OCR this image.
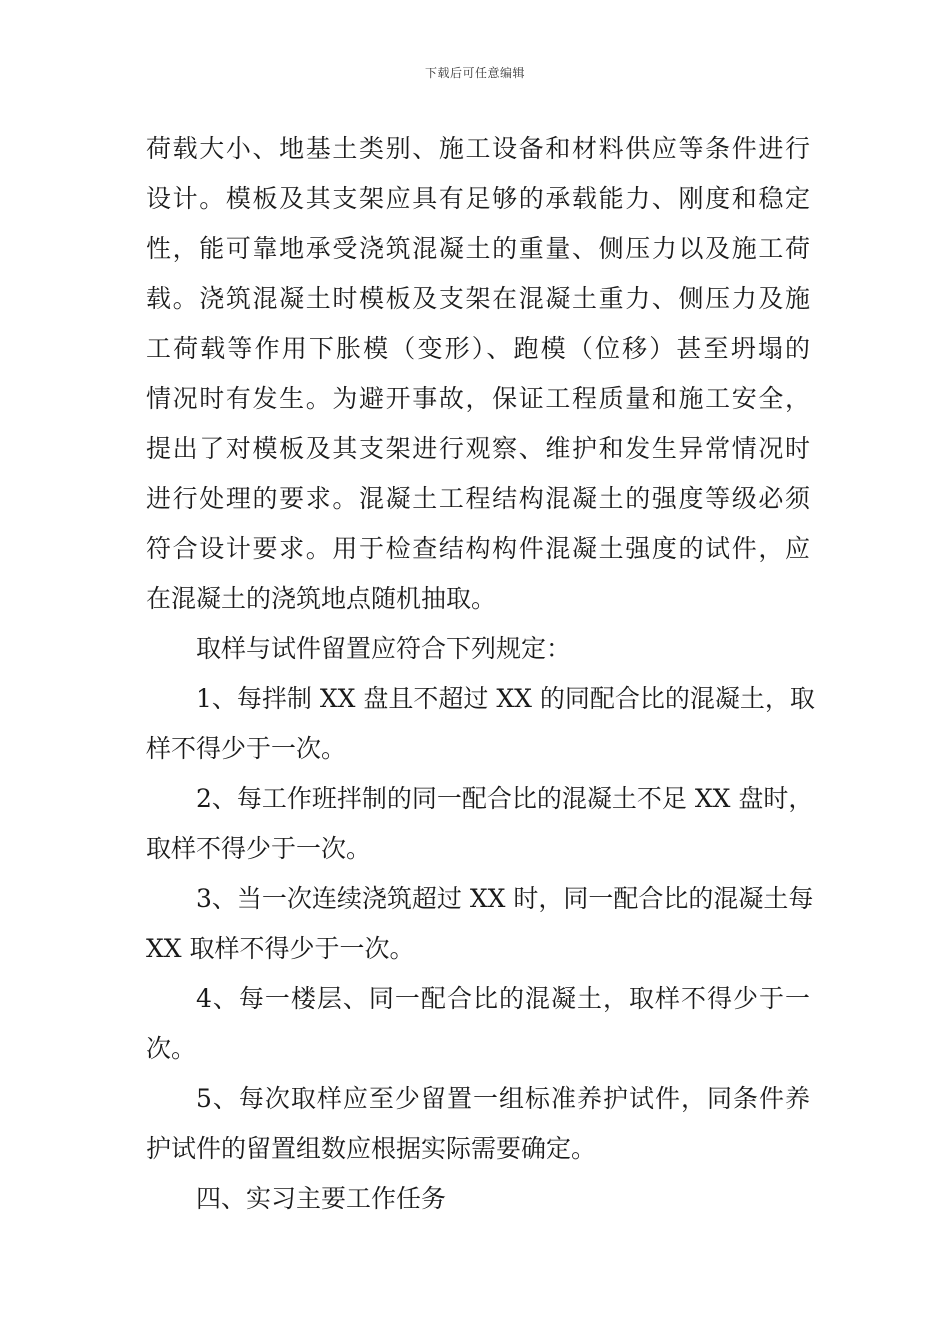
下载后可任意编辑
荷载大小、地基土类别、施工设备和材料供应等条件进行
设计。模板及其支架应具有足够的承载能力、刚度和稳定
性，能可靠地承受浇筑混凝土的重量、侧压力以及施工荷
载。浇筑混凝土时模板及支架在混凝土重力、侧压力及施
工荷载等作用下胀模（变形）、跑模（位移）甚至坍塌的
情况时有发生。为避开事故，保证工程质量和施工安全，
提出了对模板及其支架进行观察、维护和发生异常情况时
进行处理的要求。混凝土工程结构混凝土的强度等级必须
符合设计要求。用于检查结构构件混凝土强度的试件，应
在混凝土的浇筑地点随机抽取。
取样与试件留置应符合下列规定：
1、每拌制 XX 盘且不超过 XX 的同配合比的混凝土，取
样不得少于一次。
2、每工作班拌制的同一配合比的混凝土不足 XX 盘时，
取样不得少于一次。
3、当一次连续浇筑超过 XX 时，同一配合比的混凝土每
XX 取样不得少于一次。
4、每一楼层、同一配合比的混凝土，取样不得少于一
次。
5、每次取样应至少留置一组标准养护试件，同条件养
护试件的留置组数应根据实际需要确定。
四、实习主要工作任务
